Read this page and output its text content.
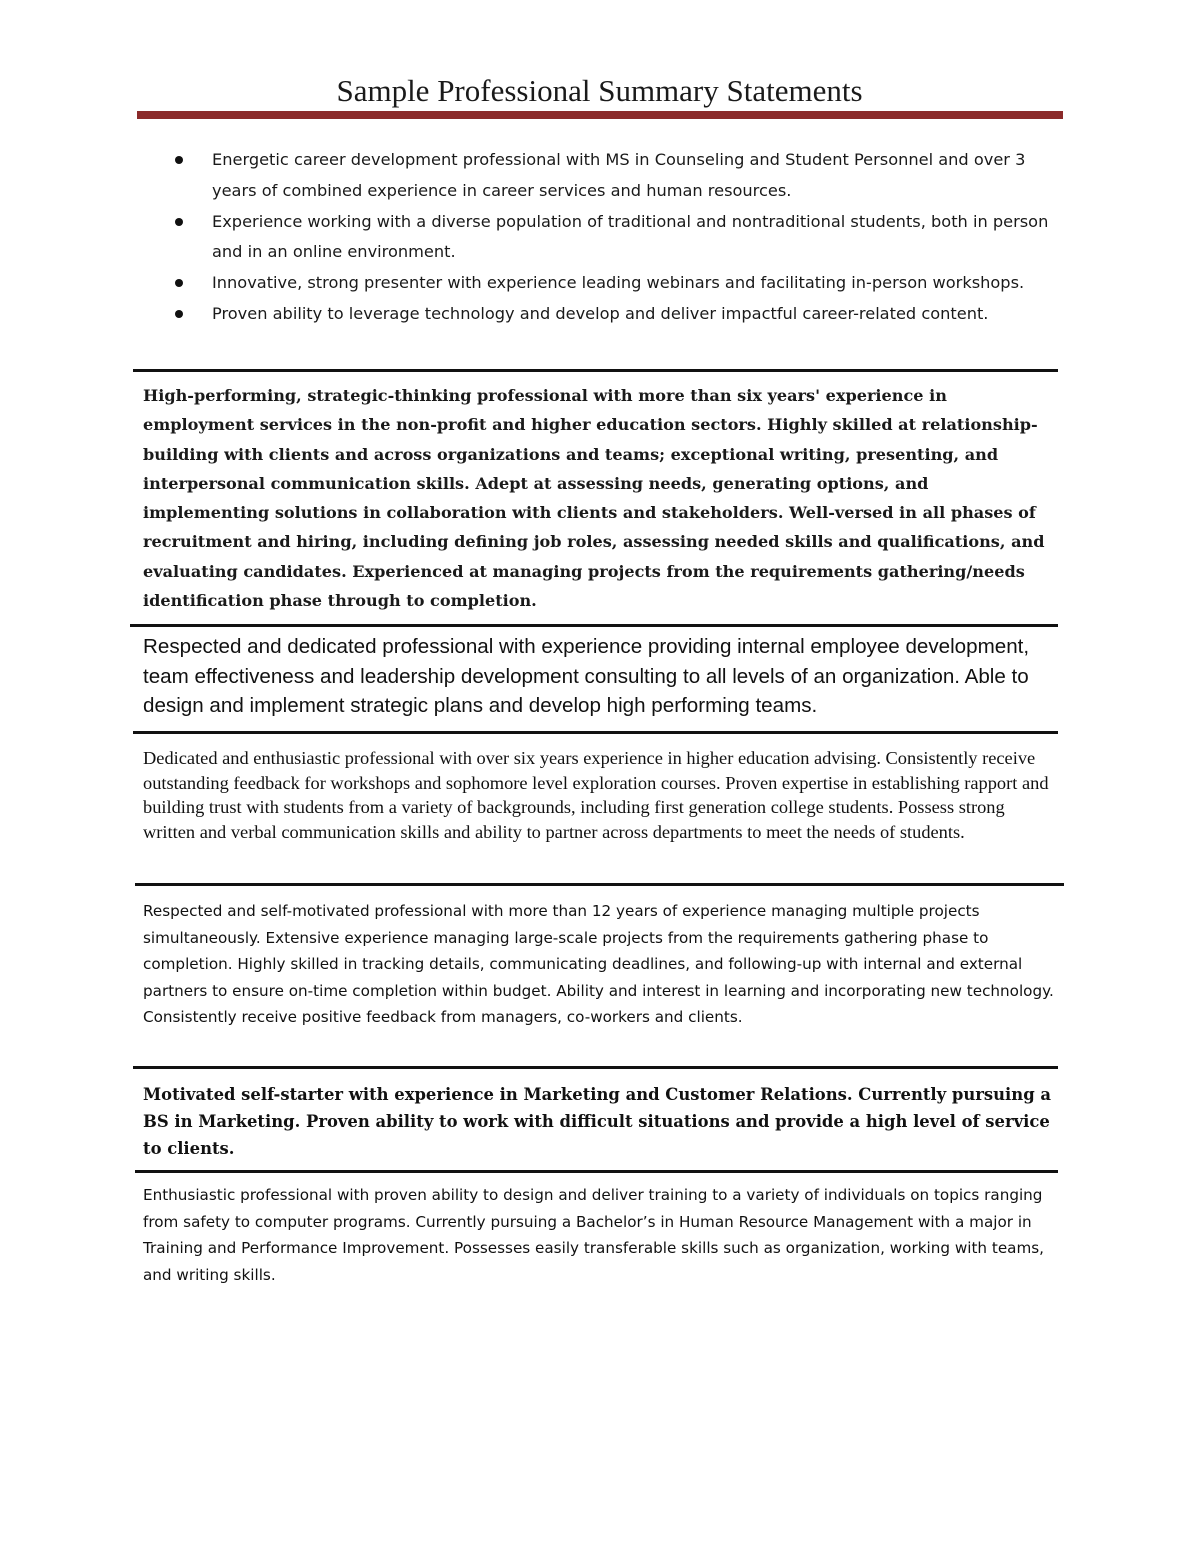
Sample Professional Summary Statements
Energetic career development professional with MS in Counseling and Student Personnel and over 3 years of combined experience in career services and human resources.
Experience working with a diverse population of traditional and nontraditional students, both in person and in an online environment.
Innovative, strong presenter with experience leading webinars and facilitating in-person workshops.
Proven ability to leverage technology and develop and deliver impactful career-related content.

High-performing, strategic-thinking professional with more than six years' experience in employment services in the non-profit and higher education sectors. Highly skilled at relationship-building with clients and across organizations and teams; exceptional writing, presenting, and interpersonal communication skills. Adept at assessing needs, generating options, and implementing solutions in collaboration with clients and stakeholders. Well-versed in all phases of recruitment and hiring, including defining job roles, assessing needed skills and qualifications, and evaluating candidates. Experienced at managing projects from the requirements gathering/needs identification phase through to completion.

Respected and dedicated professional with experience providing internal employee development, team effectiveness and leadership development consulting to all levels of an organization. Able to design and implement strategic plans and develop high performing teams.

Dedicated and enthusiastic professional with over six years experience in higher education advising. Consistently receive outstanding feedback for workshops and sophomore level exploration courses. Proven expertise in establishing rapport and building trust with students from a variety of backgrounds, including first generation college students. Possess strong written and verbal communication skills and ability to partner across departments to meet the needs of students.

Respected and self-motivated professional with more than 12 years of experience managing multiple projects simultaneously. Extensive experience managing large-scale projects from the requirements gathering phase to completion. Highly skilled in tracking details, communicating deadlines, and following-up with internal and external partners to ensure on-time completion within budget. Ability and interest in learning and incorporating new technology. Consistently receive positive feedback from managers, co-workers and clients.

Motivated self-starter with experience in Marketing and Customer Relations. Currently pursuing a BS in Marketing. Proven ability to work with difficult situations and provide a high level of service to clients.

Enthusiastic professional with proven ability to design and deliver training to a variety of individuals on topics ranging from safety to computer programs. Currently pursuing a Bachelor’s in Human Resource Management with a major in Training and Performance Improvement. Possesses easily transferable skills such as organization, working with teams, and writing skills.
